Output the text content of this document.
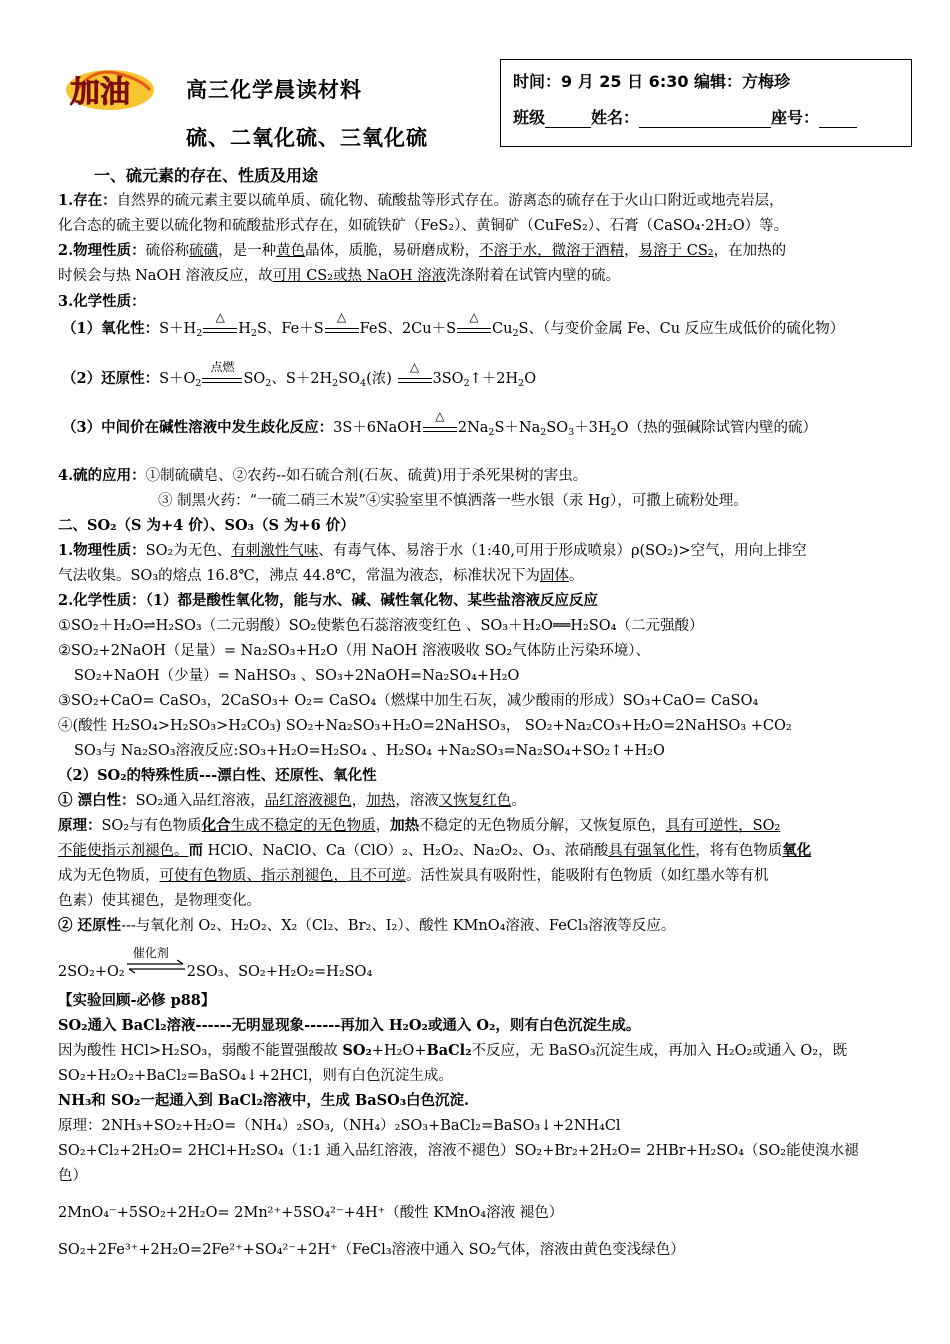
加油	高三化学晨读材料
硫、二氧化硫、三氧化硫
时间：9 月 25 日 6:30 编辑：方梅珍
班级	姓名：	座号：
一、硫元素的存在、性质及用途
1.存在：自然界的硫元素主要以硫单质、硫化物、硫酸盐等形式存在。游离态的硫存在于火山口附近或地壳岩层，
化合态的硫主要以硫化物和硫酸盐形式存在，如硫铁矿（FeS₂）、黄铜矿（CuFeS₂）、石膏（CaSO₄·2H₂O）等。
2.物理性质：硫俗称硫磺，是一种黄色晶体，质脆，易研磨成粉，不溶于水，微溶于酒精，易溶于 CS₂，在加热的
时候会与热 NaOH 溶液反应，故可用 CS₂或热 NaOH 溶液洗涤附着在试管内壁的硫。
3.化学性质：
（1）氧化性：$S+H_2$
△
$H_2S$、Fe＋S
△
FeS、2Cu＋S
△
$Cu_2S$、（与变价金属 Fe、Cu 反应生成低价的硫化物）
（2）还原性：$S+O_2$
点燃
$SO_2$、$S+2H_2SO_4$(浓)
△
$3SO_2↑+2H_2O$
（3）中间价在碱性溶液中发生歧化反应：3S＋6NaOH
△
$2Na_2S+Na_2SO_3+3H_2O$（热的强碱除试管内壁的硫）
4.硫的应用：①制硫磺皂、②农药--如石硫合剂(石灰、硫黄)用于杀死果树的害虫。
③ 制黑火药：“一硫二硝三木炭”④实验室里不慎洒落一些水银（汞 Hg），可撒上硫粉处理。
二、SO₂（S 为+4 价）、SO₃（S 为+6 价）
1.物理性质：SO₂为无色、有刺激性气味、有毒气体、易溶于水（1:40,可用于形成喷泉）ρ(SO₂)>空气，用向上排空
气法收集。SO₃的熔点 16.8℃，沸点 44.8℃，常温为液态，标准状况下为固体。
2.化学性质：（1）都是酸性氧化物，能与水、碱、碱性氧化物、某些盐溶液反应反应
①SO₂＋H₂O⇌H₂SO₃（二元弱酸）SO₂使紫色石蕊溶液变红色 、SO₃＋H₂O══H₂SO₄（二元强酸）
②SO₂+2NaOH（足量）= Na₂SO₃+H₂O（用 NaOH 溶液吸收 SO₂气体防止污染环境）、
SO₂+NaOH（少量）= NaHSO₃ 、SO₃+2NaOH=Na₂SO₄+H₂O
③SO₂+CaO= CaSO₃，2CaSO₃+ O₂= CaSO₄（燃煤中加生石灰，减少酸雨的形成）SO₃+CaO= CaSO₄
④(酸性 H₂SO₄>H₂SO₃>H₂CO₃) SO₂+Na₂SO₃+H₂O=2NaHSO₃， SO₂+Na₂CO₃+H₂O=2NaHSO₃ +CO₂
SO₃与 Na₂SO₃溶液反应:SO₃+H₂O=H₂SO₄ 、H₂SO₄ +Na₂SO₃=Na₂SO₄+SO₂↑+H₂O
（2）SO₂的特殊性质---漂白性、还原性、氧化性
① 漂白性：SO₂通入品红溶液，品红溶液褪色，加热，溶液又恢复红色。
原理：SO₂与有色物质化合生成不稳定的无色物质，加热不稳定的无色物质分解，又恢复原色，具有可逆性，SO₂
不能使指示剂褪色。而 HClO、NaClO、Ca（ClO）₂、H₂O₂、Na₂O₂、O₃、浓硝酸具有强氧化性，将有色物质氧化
成为无色物质，可使有色物质、指示剂褪色，且不可逆。活性炭具有吸附性，能吸附有色物质（如红墨水等有机
色素）使其褪色，是物理变化。
② 还原性---与氧化剂 O₂、H₂O₂、X₂（Cl₂、Br₂、I₂）、酸性 KMnO₄溶液、FeCl₃溶液等反应。
2SO₂+O₂
催化剂
2SO₃、SO₂+H₂O₂=H₂SO₄
【实验回顾-必修 p88】
SO₂通入 BaCl₂溶液------无明显现象------再加入 H₂O₂或通入 O₂，则有白色沉淀生成。
因为酸性 HCl>H₂SO₃，弱酸不能置强酸故 SO₂+H₂O+BaCl₂不反应，无 BaSO₃沉淀生成，再加入 H₂O₂或通入 O₂，既
SO₂+H₂O₂+BaCl₂=BaSO₄↓+2HCl，则有白色沉淀生成。
NH₃和 SO₂一起通入到 BaCl₂溶液中，生成 BaSO₃白色沉淀.
原理：2NH₃+SO₂+H₂O=（NH₄）₂SO₃,（NH₄）₂SO₃+BaCl₂=BaSO₃↓+2NH₄Cl
SO₂+Cl₂+2H₂O= 2HCl+H₂SO₄（1:1 通入品红溶液，溶液不褪色）SO₂+Br₂+2H₂O= 2HBr+H₂SO₄（SO₂能使溴水褪
色）
2MnO₄⁻+5SO₂+2H₂O= 2Mn²⁺+5SO₄²⁻+4H⁺（酸性 KMnO₄溶液 褪色）
SO₂+2Fe³⁺+2H₂O=2Fe²⁺+SO₄²⁻+2H⁺（FeCl₃溶液中通入 SO₂气体，溶液由黄色变浅绿色）
